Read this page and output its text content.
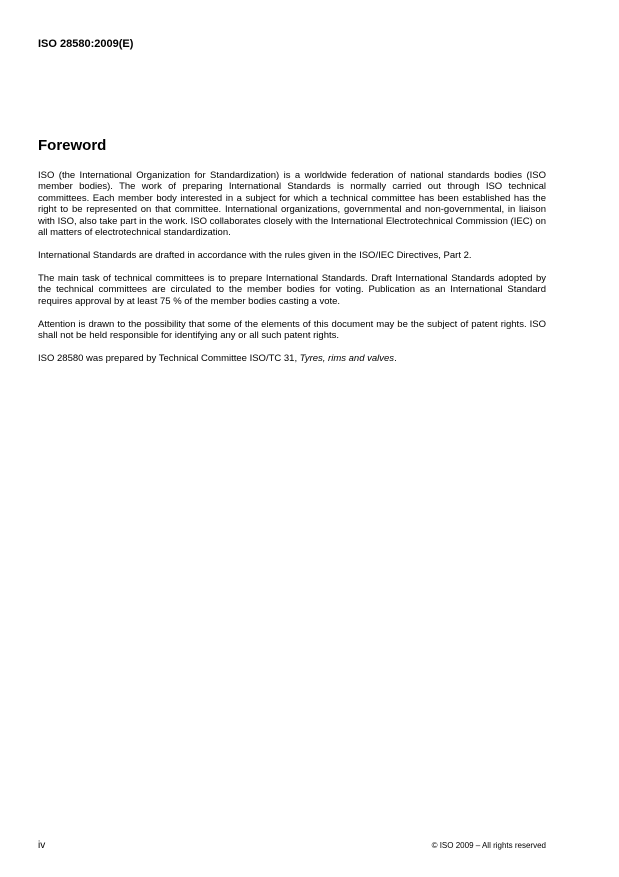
ISO 28580:2009(E)
Foreword

ISO (the International Organization for Standardization) is a worldwide federation of national standards bodies (ISO member bodies). The work of preparing International Standards is normally carried out through ISO technical committees. Each member body interested in a subject for which a technical committee has been established has the right to be represented on that committee. International organizations, governmental and non-governmental, in liaison with ISO, also take part in the work. ISO collaborates closely with the International Electrotechnical Commission (IEC) on all matters of electrotechnical standardization.

International Standards are drafted in accordance with the rules given in the ISO/IEC Directives, Part 2.

The main task of technical committees is to prepare International Standards. Draft International Standards adopted by the technical committees are circulated to the member bodies for voting. Publication as an International Standard requires approval by at least 75 % of the member bodies casting a vote.

Attention is drawn to the possibility that some of the elements of this document may be the subject of patent rights. ISO shall not be held responsible for identifying any or all such patent rights.

ISO 28580 was prepared by Technical Committee ISO/TC 31, Tyres, rims and valves.

iv	© ISO 2009 – All rights reserved
